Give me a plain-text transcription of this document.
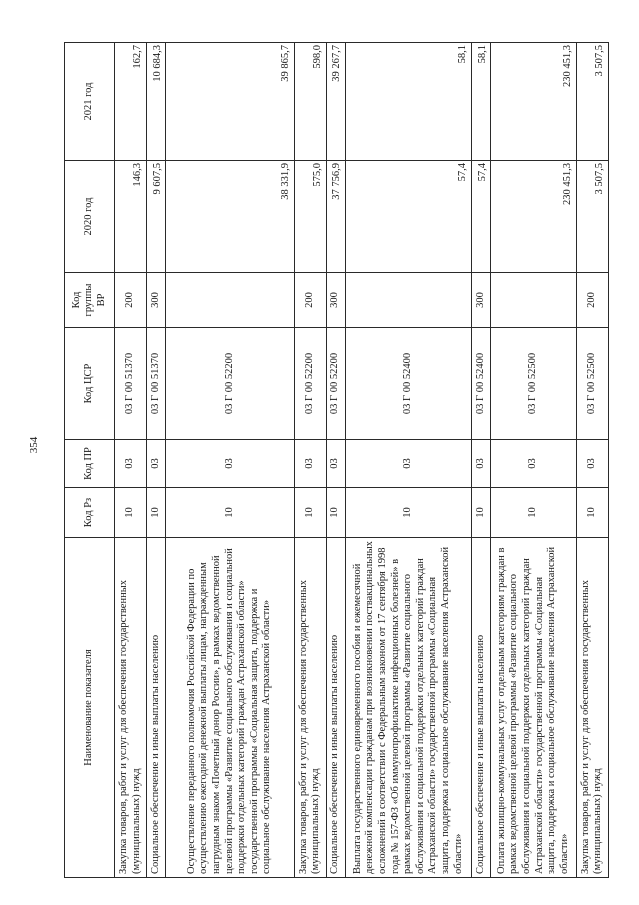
354
Наименование показателя	Код Рз	Код ПР	Код ЦСР	Код группы ВР	2020 год	2021 год
Закупка товаров, работ и услуг для обеспечения государственных (муниципальных) нужд	10	03	03 Г 00 51370	200	146,3	162,7
Социальное обеспечение и иные выплаты населению	10	03	03 Г 00 51370	300	9 607,5	10 684,3
Осуществление переданного полномочия Российской Федерации по осуществлению ежегодной денежной выплаты лицам, награжденным нагрудным знаком «Почетный донор России», в рамках ведомственной целевой программы «Развитие социального обслуживания и социальной поддержки отдельных категорий граждан Астраханской области» государственной программы «Социальная защита, поддержка и социальное обслуживание населения Астраханской области»	10	03	03 Г 00 52200		38 331,9	39 865,7
Закупка товаров, работ и услуг для обеспечения государственных (муниципальных) нужд	10	03	03 Г 00 52200	200	575,0	598,0
Социальное обеспечение и иные выплаты населению	10	03	03 Г 00 52200	300	37 756,9	39 267,7
Выплата государственного единовременного пособия и ежемесячной денежной компенсации гражданам при возникновении поствакцинальных осложнений в соответствии с Федеральным законом от 17 сентября 1998 года № 157-ФЗ «Об иммунопрофилактике инфекционных болезней» в рамках ведомственной целевой программы «Развитие социального обслуживания и социальной поддержки отдельных категорий граждан Астраханской области» государственной программы «Социальная защита, поддержка и социальное обслуживание населения Астраханской области»	10	03	03 Г 00 52400		57,4	58,1
Социальное обеспечение и иные выплаты населению	10	03	03 Г 00 52400	300	57,4	58,1
Оплата жилищно-коммунальных услуг отдельным категориям граждан в рамках ведомственной целевой программы «Развитие социального обслуживания и социальной поддержки отдельных категорий граждан Астраханской области» государственной программы «Социальная защита, поддержка и социальное обслуживание населения Астраханской области»	10	03	03 Г 00 52500		230 451,3	230 451,3
Закупка товаров, работ и услуг для обеспечения государственных (муниципальных) нужд	10	03	03 Г 00 52500	200	3 507,5	3 507,5
